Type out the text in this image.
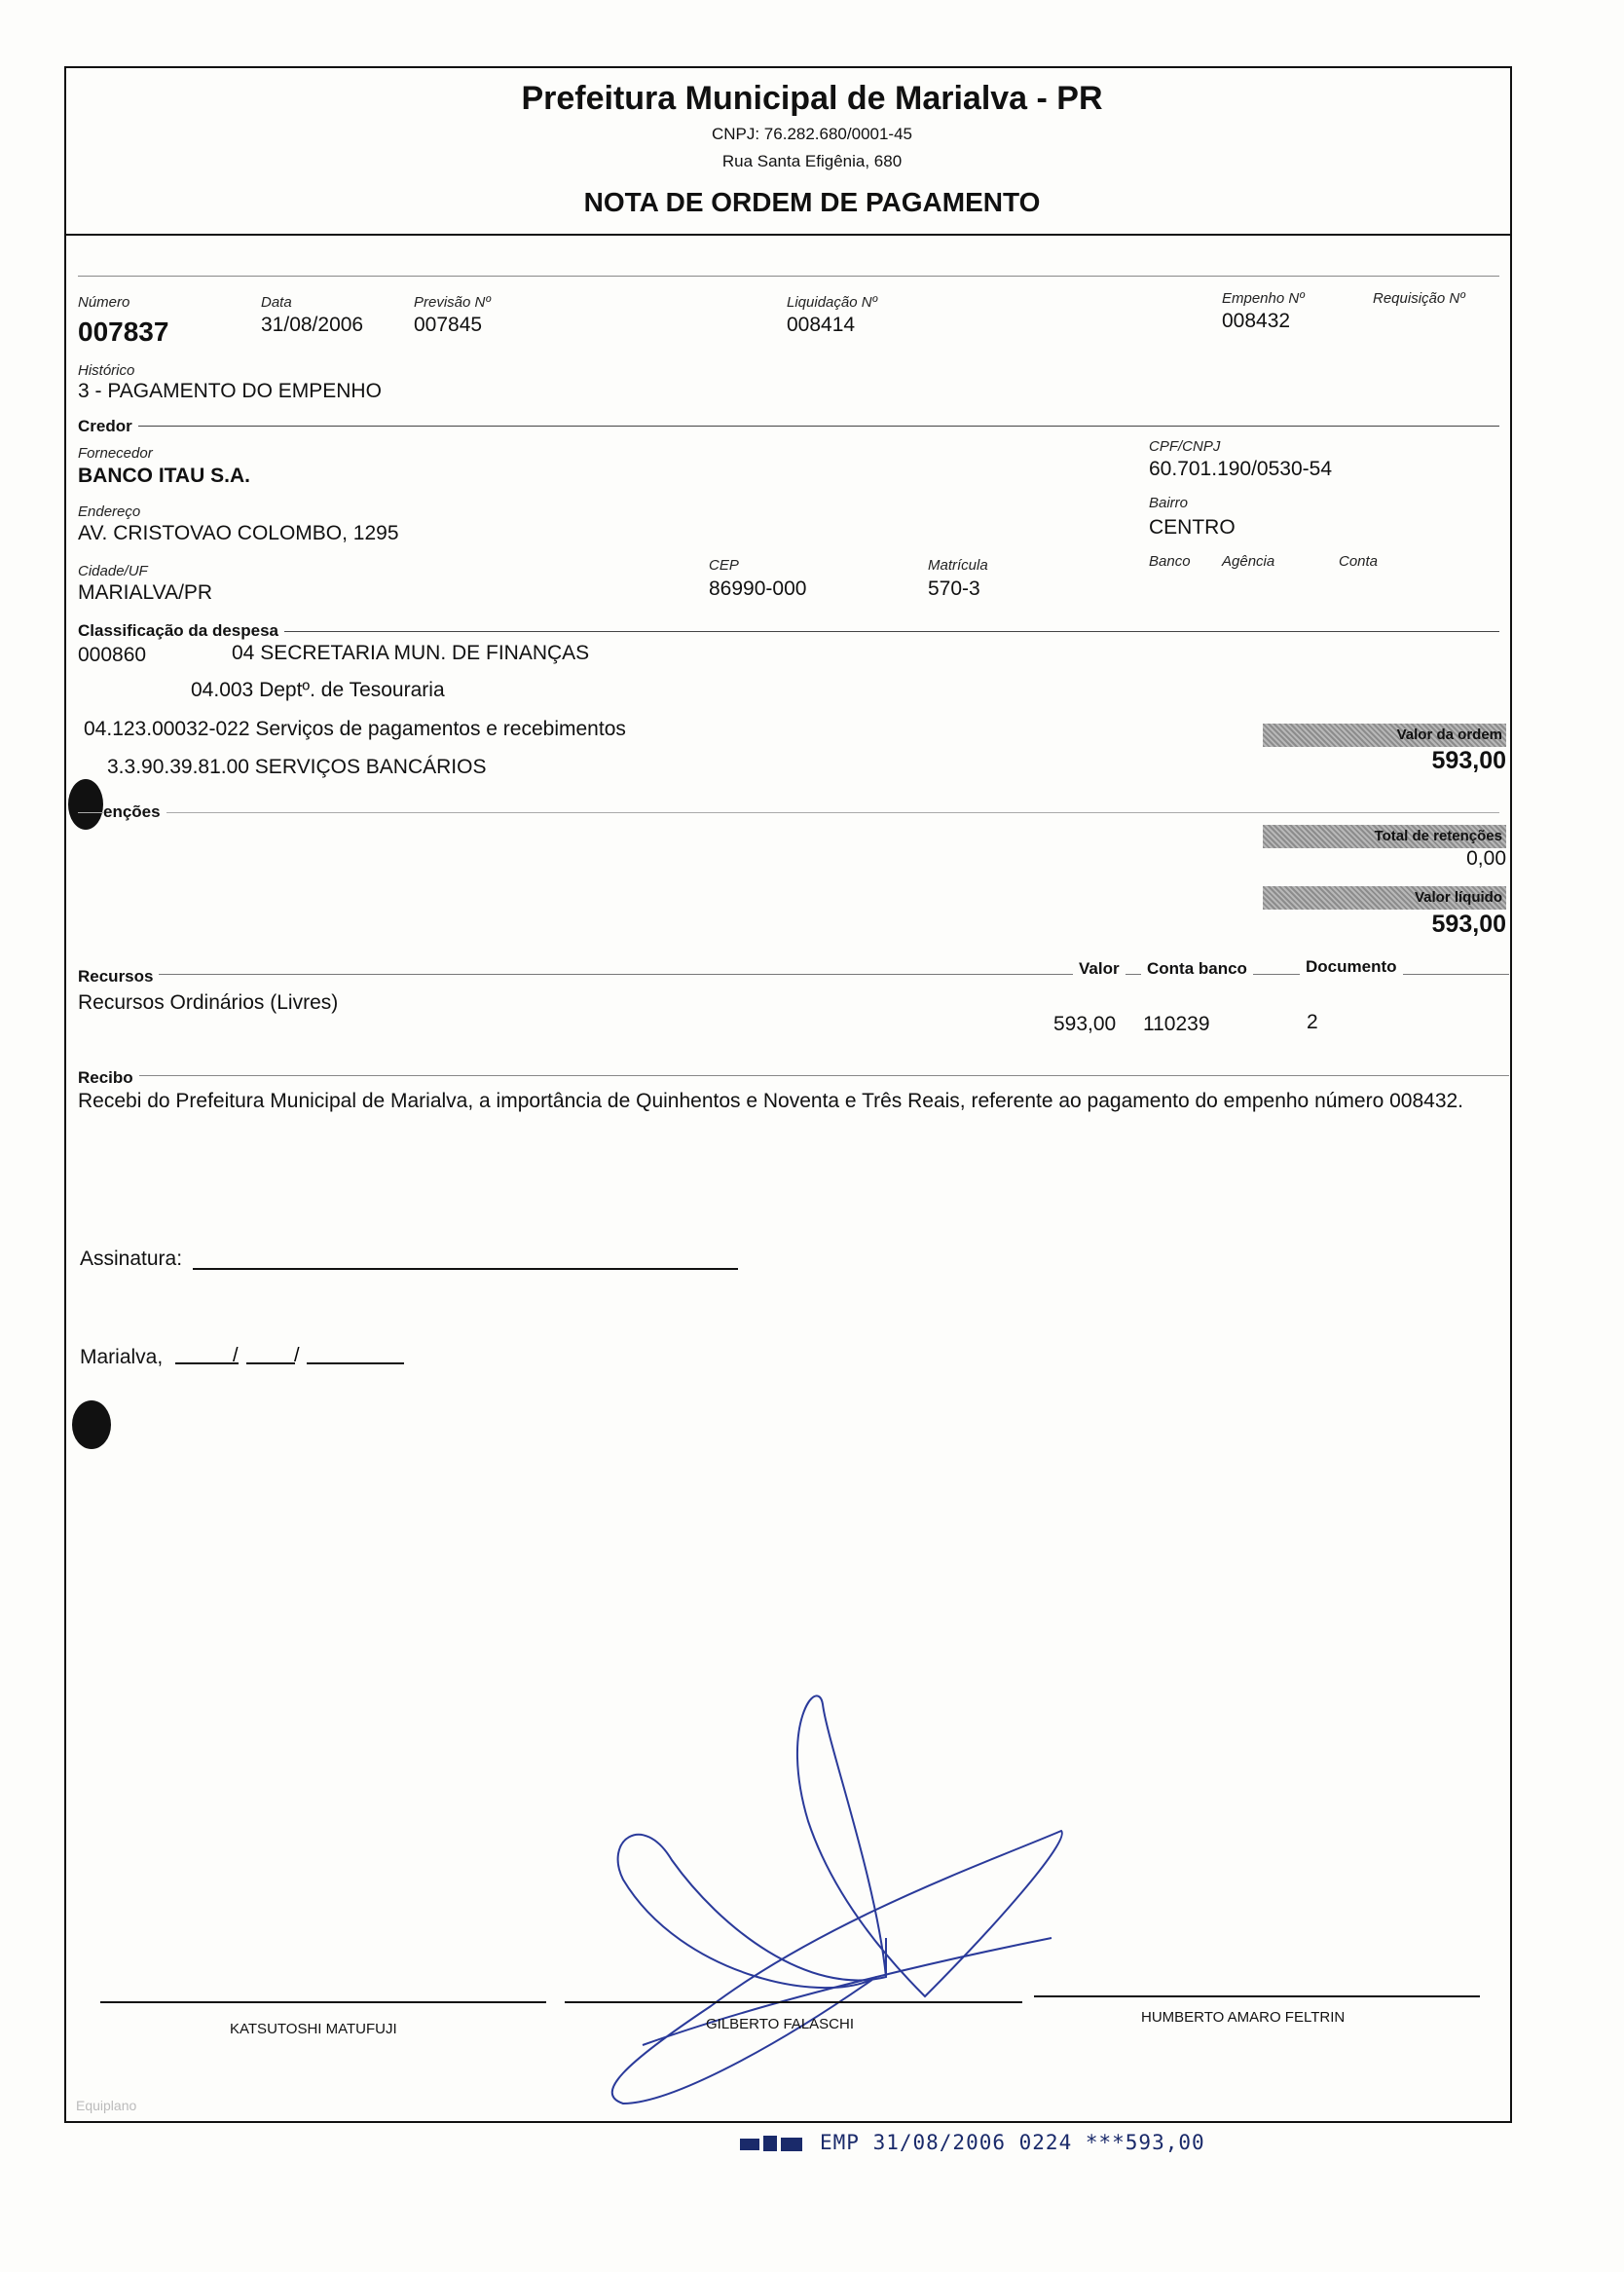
Prefeitura Municipal de Marialva - PR
CNPJ: 76.282.680/0001-45
Rua Santa Efigênia, 680
NOTA DE ORDEM DE PAGAMENTO
Número
007837
Data
31/08/2006
Previsão Nº
007845
Liquidação Nº
008414
Empenho Nº
008432
Requisição Nº
Histórico
3 - PAGAMENTO DO EMPENHO
Credor
Fornecedor
BANCO ITAU S.A.
CPF/CNPJ
60.701.190/0530-54
Endereço
AV. CRISTOVAO COLOMBO, 1295
Bairro
CENTRO
Cidade/UF
MARIALVA/PR
CEP
86990-000
Matrícula
570-3
Banco Agência	Conta
Classificação da despesa
000860	04 SECRETARIA MUN. DE FINANÇAS
04.003 Deptº. de Tesouraria
04.123.00032-022 Serviços de pagamentos e recebimentos
3.3.90.39.81.00 SERVIÇOS BANCÁRIOS
Valor da ordem
593,00
enções
Total de retenções
0,00
Valor líquido
593,00
Recursos	Valor	Conta banco	Documento
Recursos Ordinários (Livres)
593,00 110239	2
Recibo
Recebi do Prefeitura Municipal de Marialva, a importância de Quinhentos e Noventa e Três Reais, referente ao pagamento do empenho número 008432.
Assinatura:
Marialva,	/	/
KATSUTOSHI MATUFUJI	GILBERTO FALASCHI	HUMBERTO AMARO FELTRIN
Equiplano
EMP 31/08/2006 0224 ***593,00
